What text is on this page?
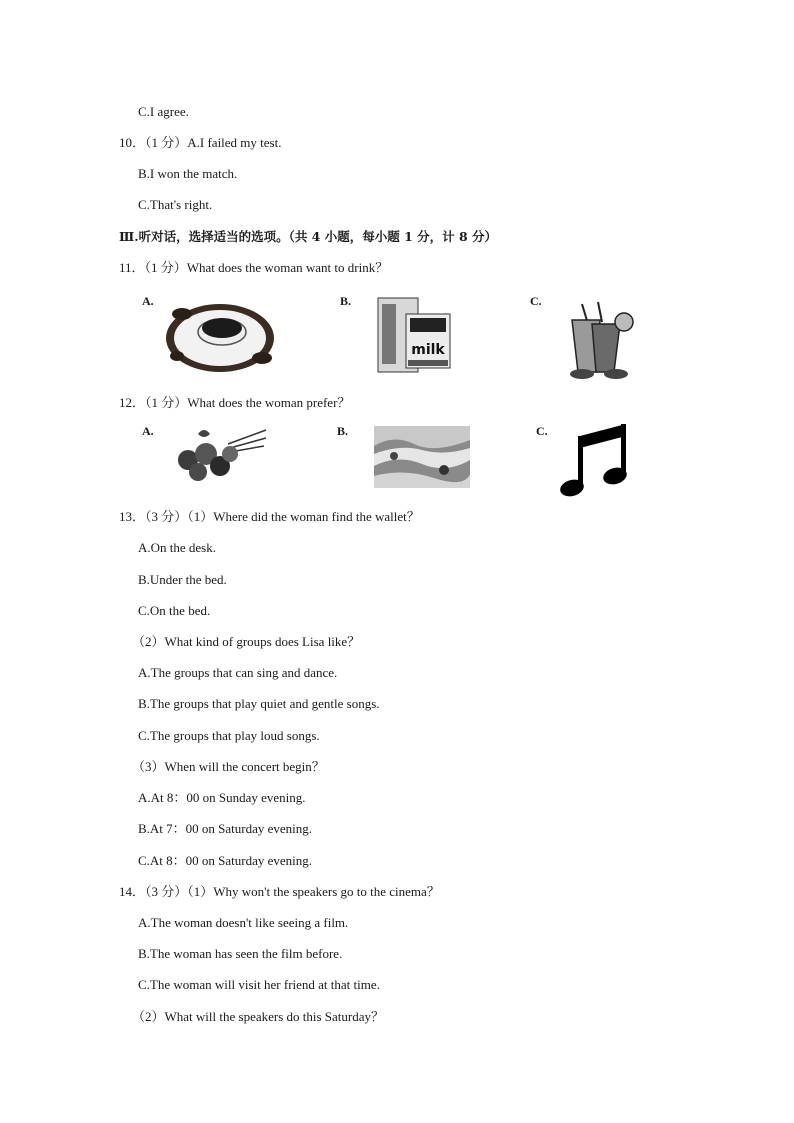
C.I agree.
10．（1 分）A.I failed my test.
B.I won the match.
C.That's right.
Ⅲ.听对话，选择适当的选项。（共 4 小题，每小题 1 分，计 8 分）
11．（1 分）What does the woman want to drink？
A.	B.
milk
C.
12．（1 分）What does the woman prefer？
A.	B.	C.
13．（3 分）（1）Where did the woman find the wallet？
A.On the desk.
B.Under the bed.
C.On the bed.
（2）What kind of groups does Lisa like？
A.The groups that can sing and dance.
B.The groups that play quiet and gentle songs.
C.The groups that play loud songs.
（3）When will the concert begin？
A.At 8：00 on Sunday evening.
B.At 7：00 on Saturday evening.
C.At 8：00 on Saturday evening.
14．（3 分）（1）Why won't the speakers go to the cinema？
A.The woman doesn't like seeing a film.
B.The woman has seen the film before.
C.The woman will visit her friend at that time.
（2）What will the speakers do this Saturday？
